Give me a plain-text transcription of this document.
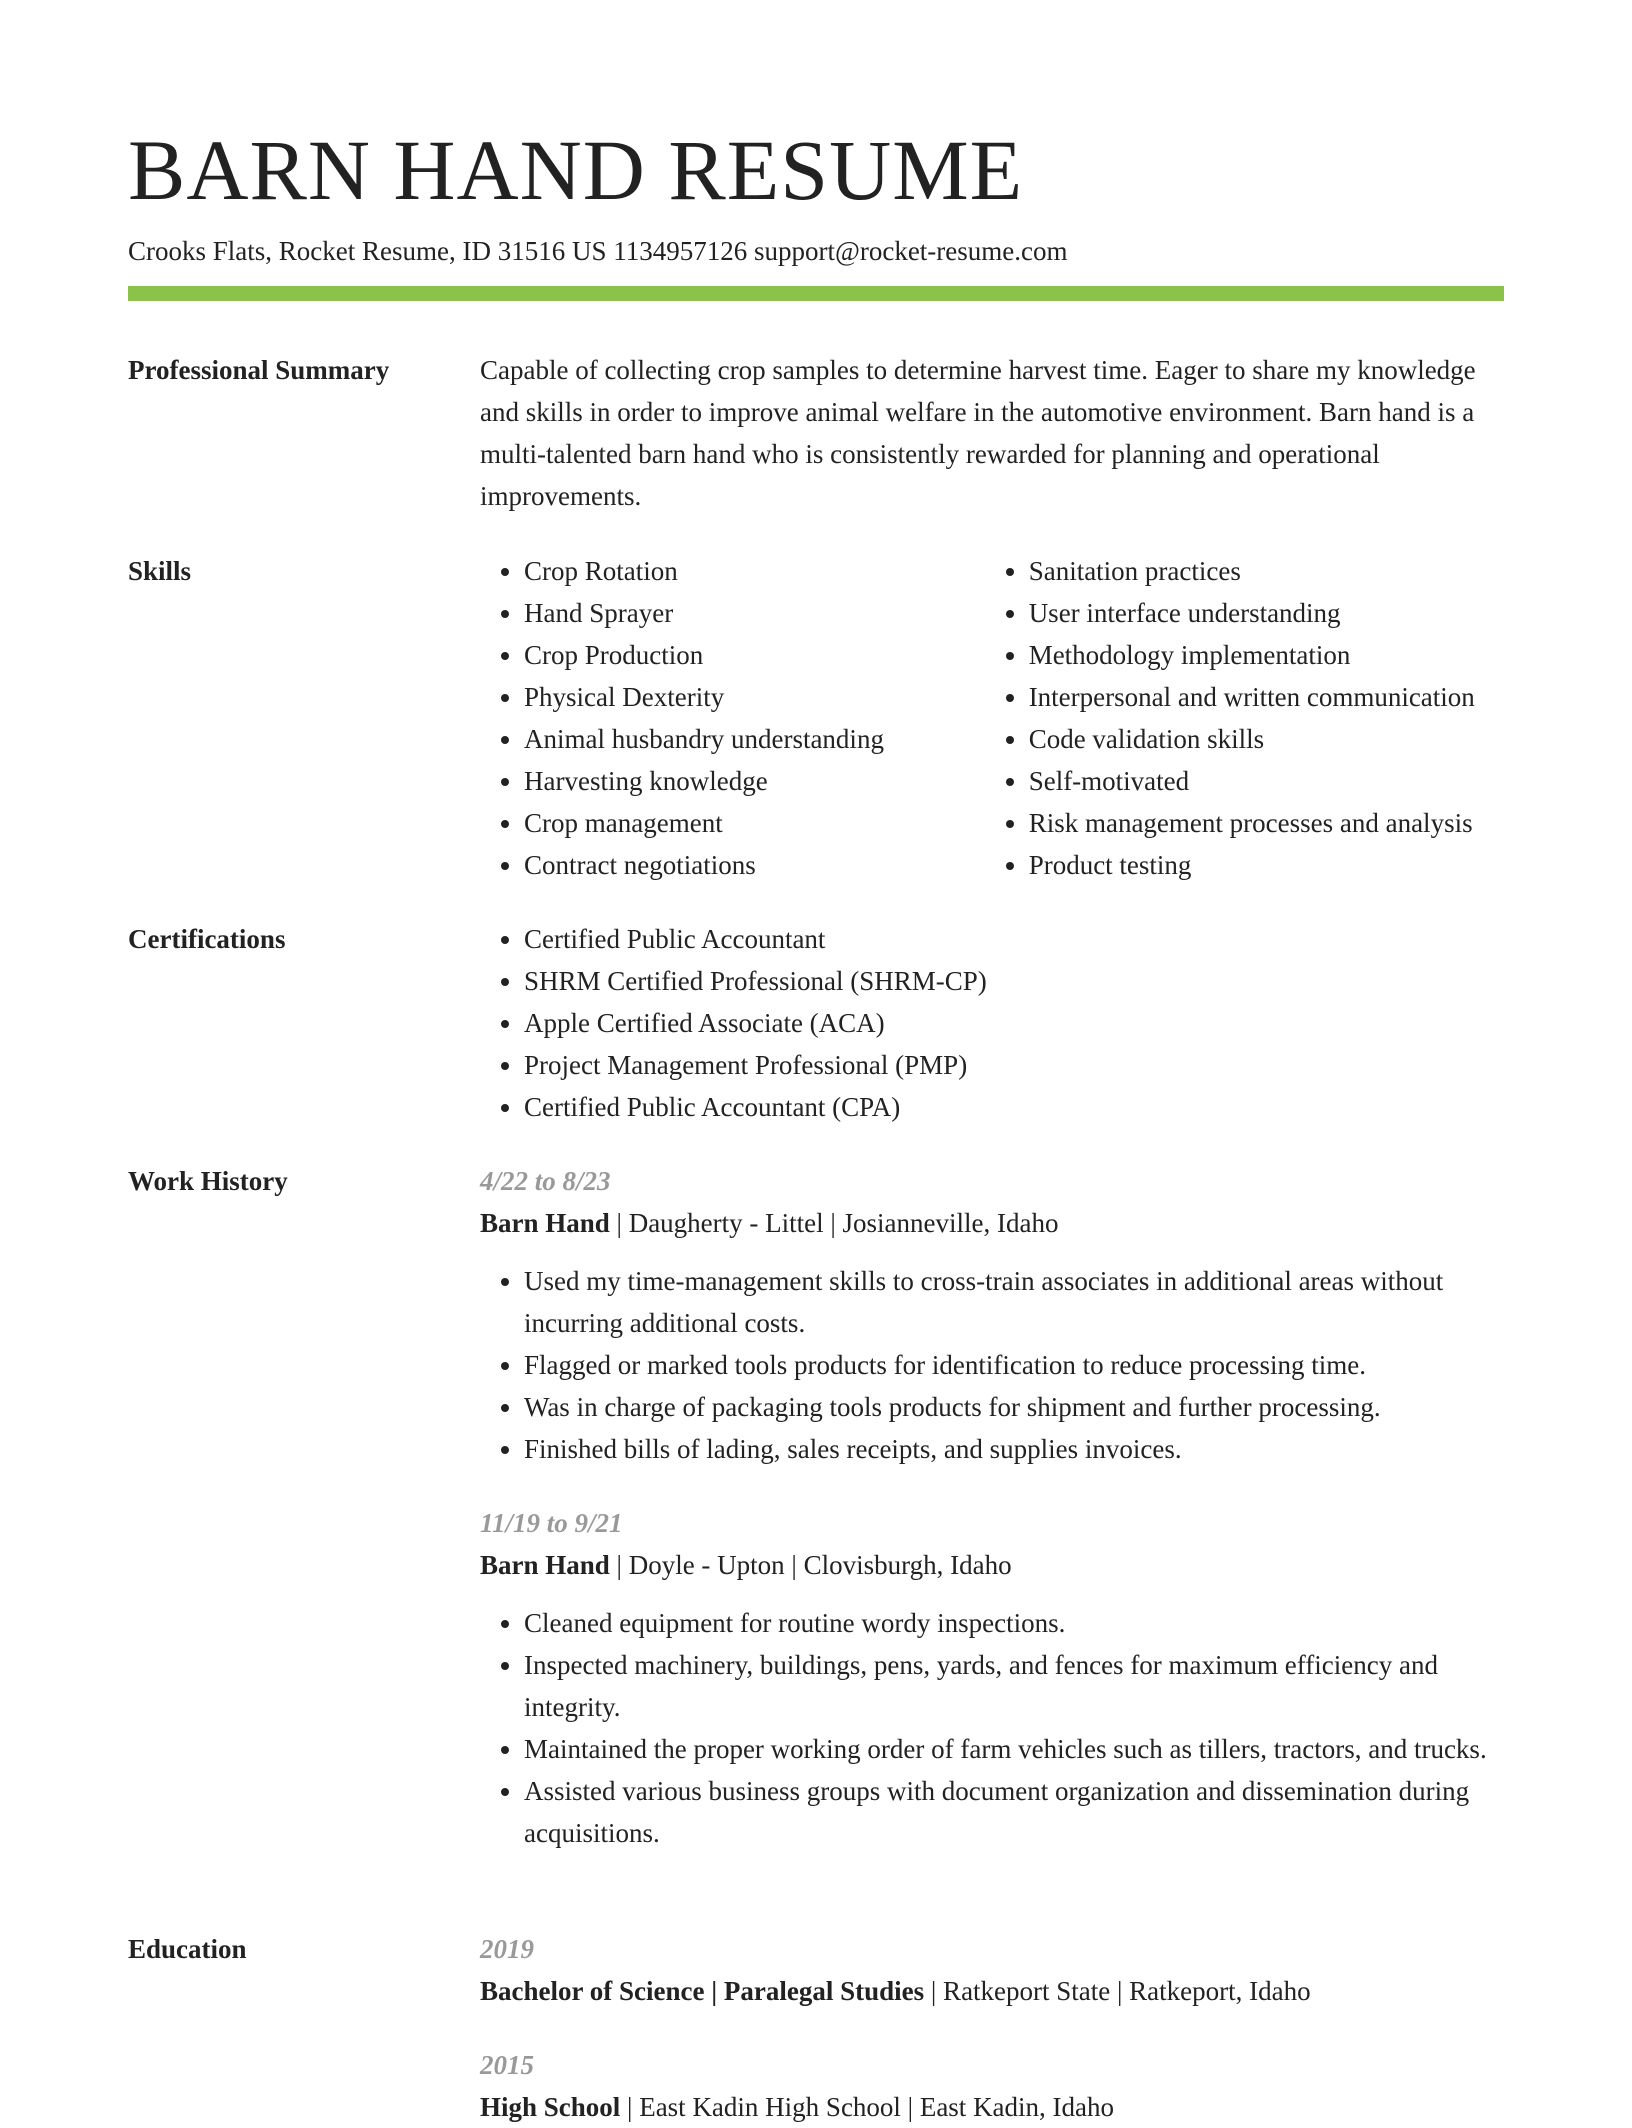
BARN HAND RESUME
Crooks Flats, Rocket Resume, ID 31516 US 1134957126 support@rocket-resume.com
Professional Summary	Capable of collecting crop samples to determine harvest time. Eager to share my knowledge and skills in order to improve animal welfare in the automotive environment. Barn hand is a multi-talented barn hand who is consistently rewarded for planning and operational improvements.
Skills	• Crop Rotation
• Hand Sprayer
• Crop Production
• Physical Dexterity
• Animal husbandry understanding
• Harvesting knowledge
• Crop management
• Contract negotiations
• Sanitation practices
• User interface understanding
• Methodology implementation
• Interpersonal and written communication
• Code validation skills
• Self-motivated
• Risk management processes and analysis
• Product testing
Certifications	• Certified Public Accountant
• SHRM Certified Professional (SHRM-CP)
• Apple Certified Associate (ACA)
• Project Management Professional (PMP)
• Certified Public Accountant (CPA)
Work History	4/22 to 8/23
Barn Hand | Daugherty - Littel | Josianneville, Idaho
• Used my time-management skills to cross-train associates in additional areas without incurring additional costs.
• Flagged or marked tools products for identification to reduce processing time.
• Was in charge of packaging tools products for shipment and further processing.
• Finished bills of lading, sales receipts, and supplies invoices.
11/19 to 9/21
Barn Hand | Doyle - Upton | Clovisburgh, Idaho
• Cleaned equipment for routine wordy inspections.
• Inspected machinery, buildings, pens, yards, and fences for maximum efficiency and integrity.
• Maintained the proper working order of farm vehicles such as tillers, tractors, and trucks.
• Assisted various business groups with document organization and dissemination during acquisitions.
Education	2019
Bachelor of Science | Paralegal Studies | Ratkeport State | Ratkeport, Idaho
2015
High School | East Kadin High School | East Kadin, Idaho
